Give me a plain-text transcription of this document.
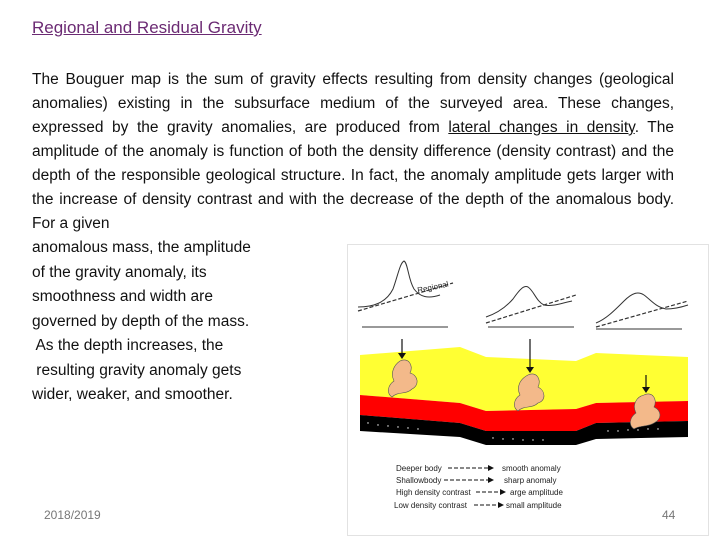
Regional and Residual Gravity
The Bouguer map is the sum of gravity effects resulting from density changes (geological anomalies) existing in the subsurface medium of the surveyed area. These changes, expressed by the gravity anomalies, are produced from lateral changes in density. The amplitude of the anomaly is function of both the density difference (density contrast) and the depth of the responsible geological structure. In fact, the anomaly amplitude gets larger with the increase of density contrast and with the decrease of the depth of the anomalous body. For a given
anomalous mass, the amplitude
of the gravity anomaly, its
smoothness and width are
governed by depth of the mass.
As the depth increases, the
resulting gravity anomaly gets
wider, weaker, and smoother.
Regional
Deeper body	smooth anomaly
Shallowbody	sharp anomaly
High density contrast	arge amplitude
Low density contrast	small amplitude
2018/2019	44
